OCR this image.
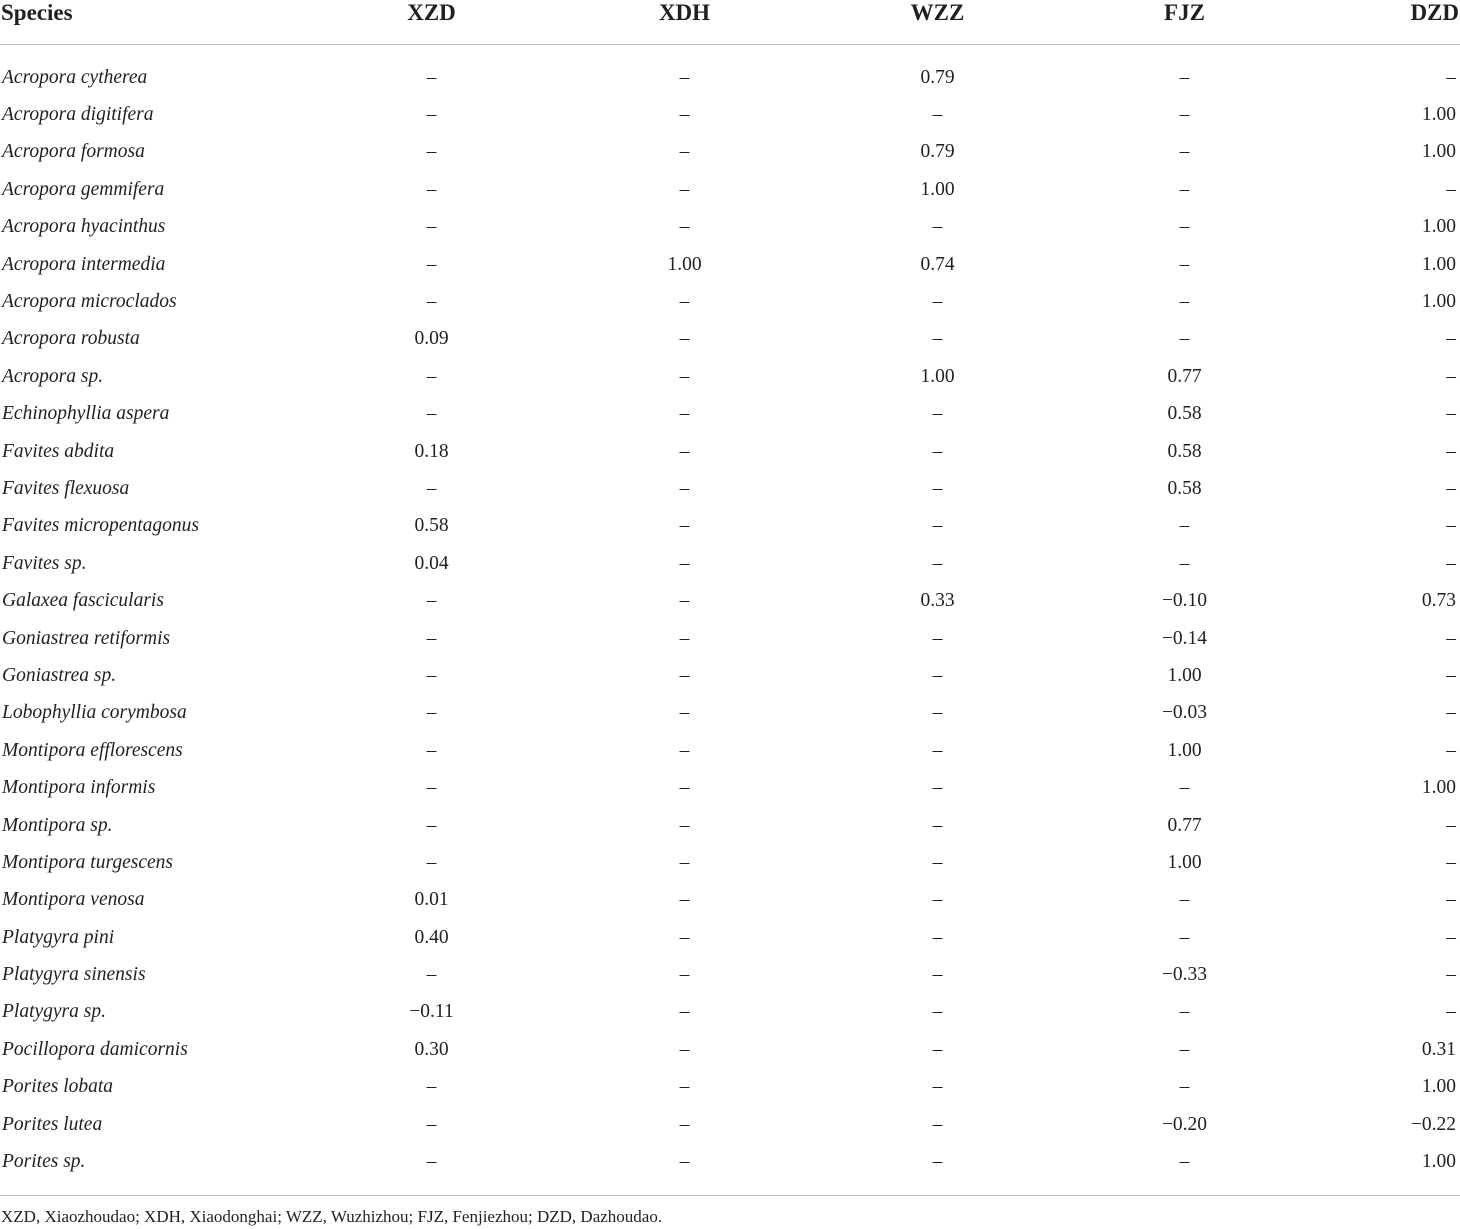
Species	XZD	XDH	WZZ	FJZ	DZD
Acropora cytherea	–	–	0.79	–	–
Acropora digitifera	–	–	–	–	1.00
Acropora formosa	–	–	0.79	–	1.00
Acropora gemmifera	–	–	1.00	–	–
Acropora hyacinthus	–	–	–	–	1.00
Acropora intermedia	–	1.00	0.74	–	1.00
Acropora microclados	–	–	–	–	1.00
Acropora robusta	0.09	–	–	–	–
Acropora sp.	–	–	1.00	0.77	–
Echinophyllia aspera	–	–	–	0.58	–
Favites abdita	0.18	–	–	0.58	–
Favites flexuosa	–	–	–	0.58	–
Favites micropentagonus	0.58	–	–	–	–
Favites sp.	0.04	–	–	–	–
Galaxea fascicularis	–	–	0.33	−0.10	0.73
Goniastrea retiformis	–	–	–	−0.14	–
Goniastrea sp.	–	–	–	1.00	–
Lobophyllia corymbosa	–	–	–	−0.03	–
Montipora efflorescens	–	–	–	1.00	–
Montipora informis	–	–	–	–	1.00
Montipora sp.	–	–	–	0.77	–
Montipora turgescens	–	–	–	1.00	–
Montipora venosa	0.01	–	–	–	–
Platygyra pini	0.40	–	–	–	–
Platygyra sinensis	–	–	–	−0.33	–
Platygyra sp.	−0.11	–	–	–	–
Pocillopora damicornis	0.30	–	–	–	0.31
Porites lobata	–	–	–	–	1.00
Porites lutea	–	–	–	−0.20	−0.22
Porites sp.	–	–	–	–	1.00
XZD, Xiaozhoudao; XDH, Xiaodonghai; WZZ, Wuzhizhou; FJZ, Fenjiezhou; DZD, Dazhoudao.
